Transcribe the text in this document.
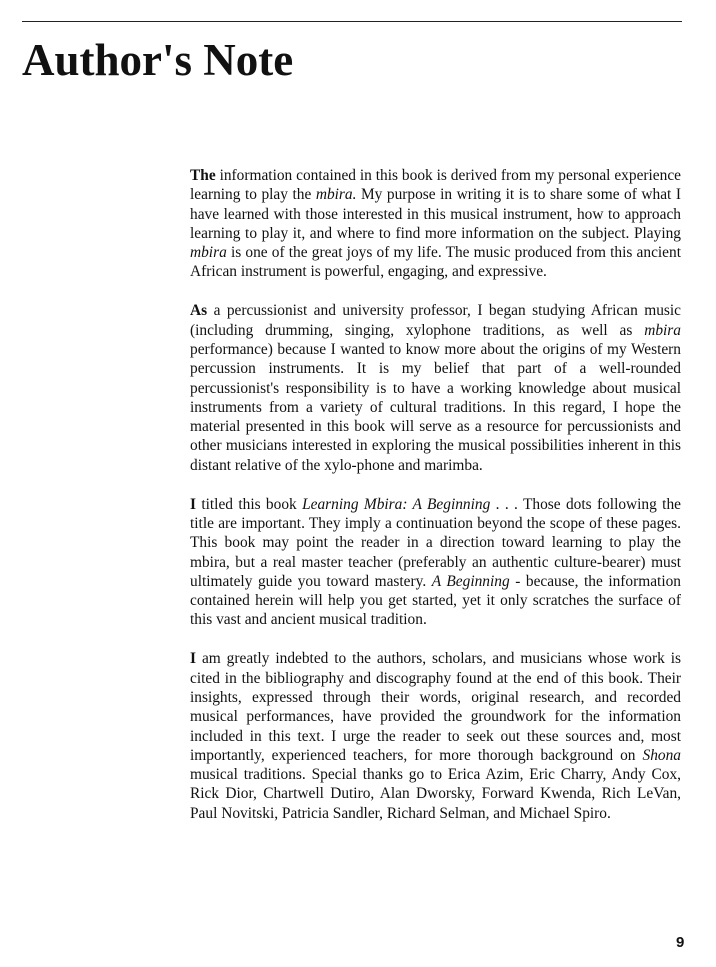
Author's Note

The information contained in this book is derived from my personal experience learning to play the mbira. My purpose in writing it is to share some of what I have learned with those interested in this musical instrument, how to approach learning to play it, and where to find more information on the subject. Playing mbira is one of the great joys of my life. The music produced from this ancient African instrument is powerful, engaging, and expressive.

As a percussionist and university professor, I began studying African music (including drumming, singing, xylophone traditions, as well as mbira performance) because I wanted to know more about the origins of my Western percussion instruments. It is my belief that part of a well-rounded percussionist's responsibility is to have a working knowledge about musical instruments from a variety of cultural traditions. In this regard, I hope the material presented in this book will serve as a resource for percussionists and other musicians interested in exploring the musical possibilities inherent in this distant relative of the xylo-phone and marimba.

I titled this book Learning Mbira: A Beginning . . . Those dots following the title are important. They imply a continuation beyond the scope of these pages. This book may point the reader in a direction toward learning to play the mbira, but a real master teacher (preferably an authentic culture-bearer) must ultimately guide you toward mastery. A Beginning - because, the information contained herein will help you get started, yet it only scratches the surface of this vast and ancient musical tradition.

I am greatly indebted to the authors, scholars, and musicians whose work is cited in the bibliography and discography found at the end of this book. Their insights, expressed through their words, original research, and recorded musical performances, have provided the groundwork for the information included in this text. I urge the reader to seek out these sources and, most importantly, experienced teachers, for more thorough background on Shona musical traditions. Special thanks go to Erica Azim, Eric Charry, Andy Cox, Rick Dior, Chartwell Dutiro, Alan Dworsky, Forward Kwenda, Rich LeVan, Paul Novitski, Patricia Sandler, Richard Selman, and Michael Spiro.

9
